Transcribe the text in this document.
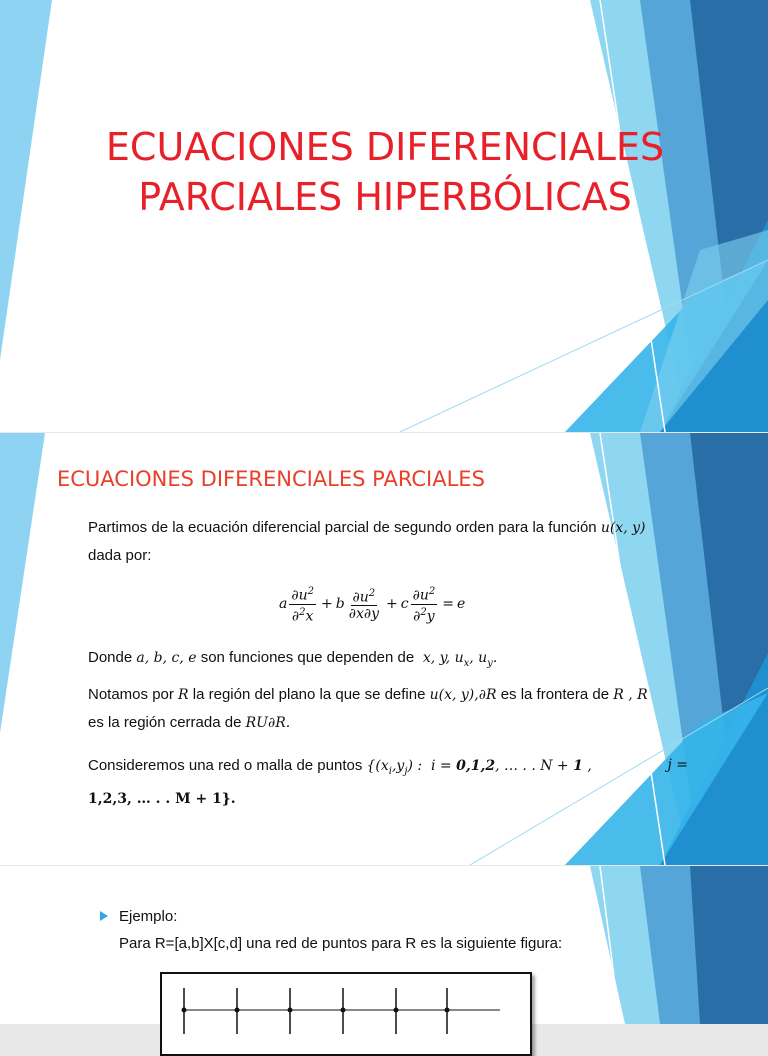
ECUACIONES DIFERENCIALES
PARCIALES HIPERBÓLICAS
ECUACIONES DIFERENCIALES PARCIALES
Partimos de la ecuación diferencial parcial de segundo orden para la función u(x, y)
dada por:
a $\frac{\partial u^2}{\partial^2x} + b \frac{\partial u^2}{\partial x\partial y} + c \frac{\partial u^2}{\partial^2y} = e$
Donde a, b, c, e son funciones que dependen de  x, y, $u_x$, $u_y$.
Notamos por R la región del plano la que se define u(x, y),∂R es la frontera de R , R
es la región cerrada de RU∂R.
Consideremos una red o malla de puntos {$(x_i,y_j)$ :  i = 0,1,2, … . . N + 1 ,	j =

1,2,3, … . . M + 1}.
Ejemplo:
Para R=[a,b]X[c,d] una red de puntos para R es la siguiente figura:
